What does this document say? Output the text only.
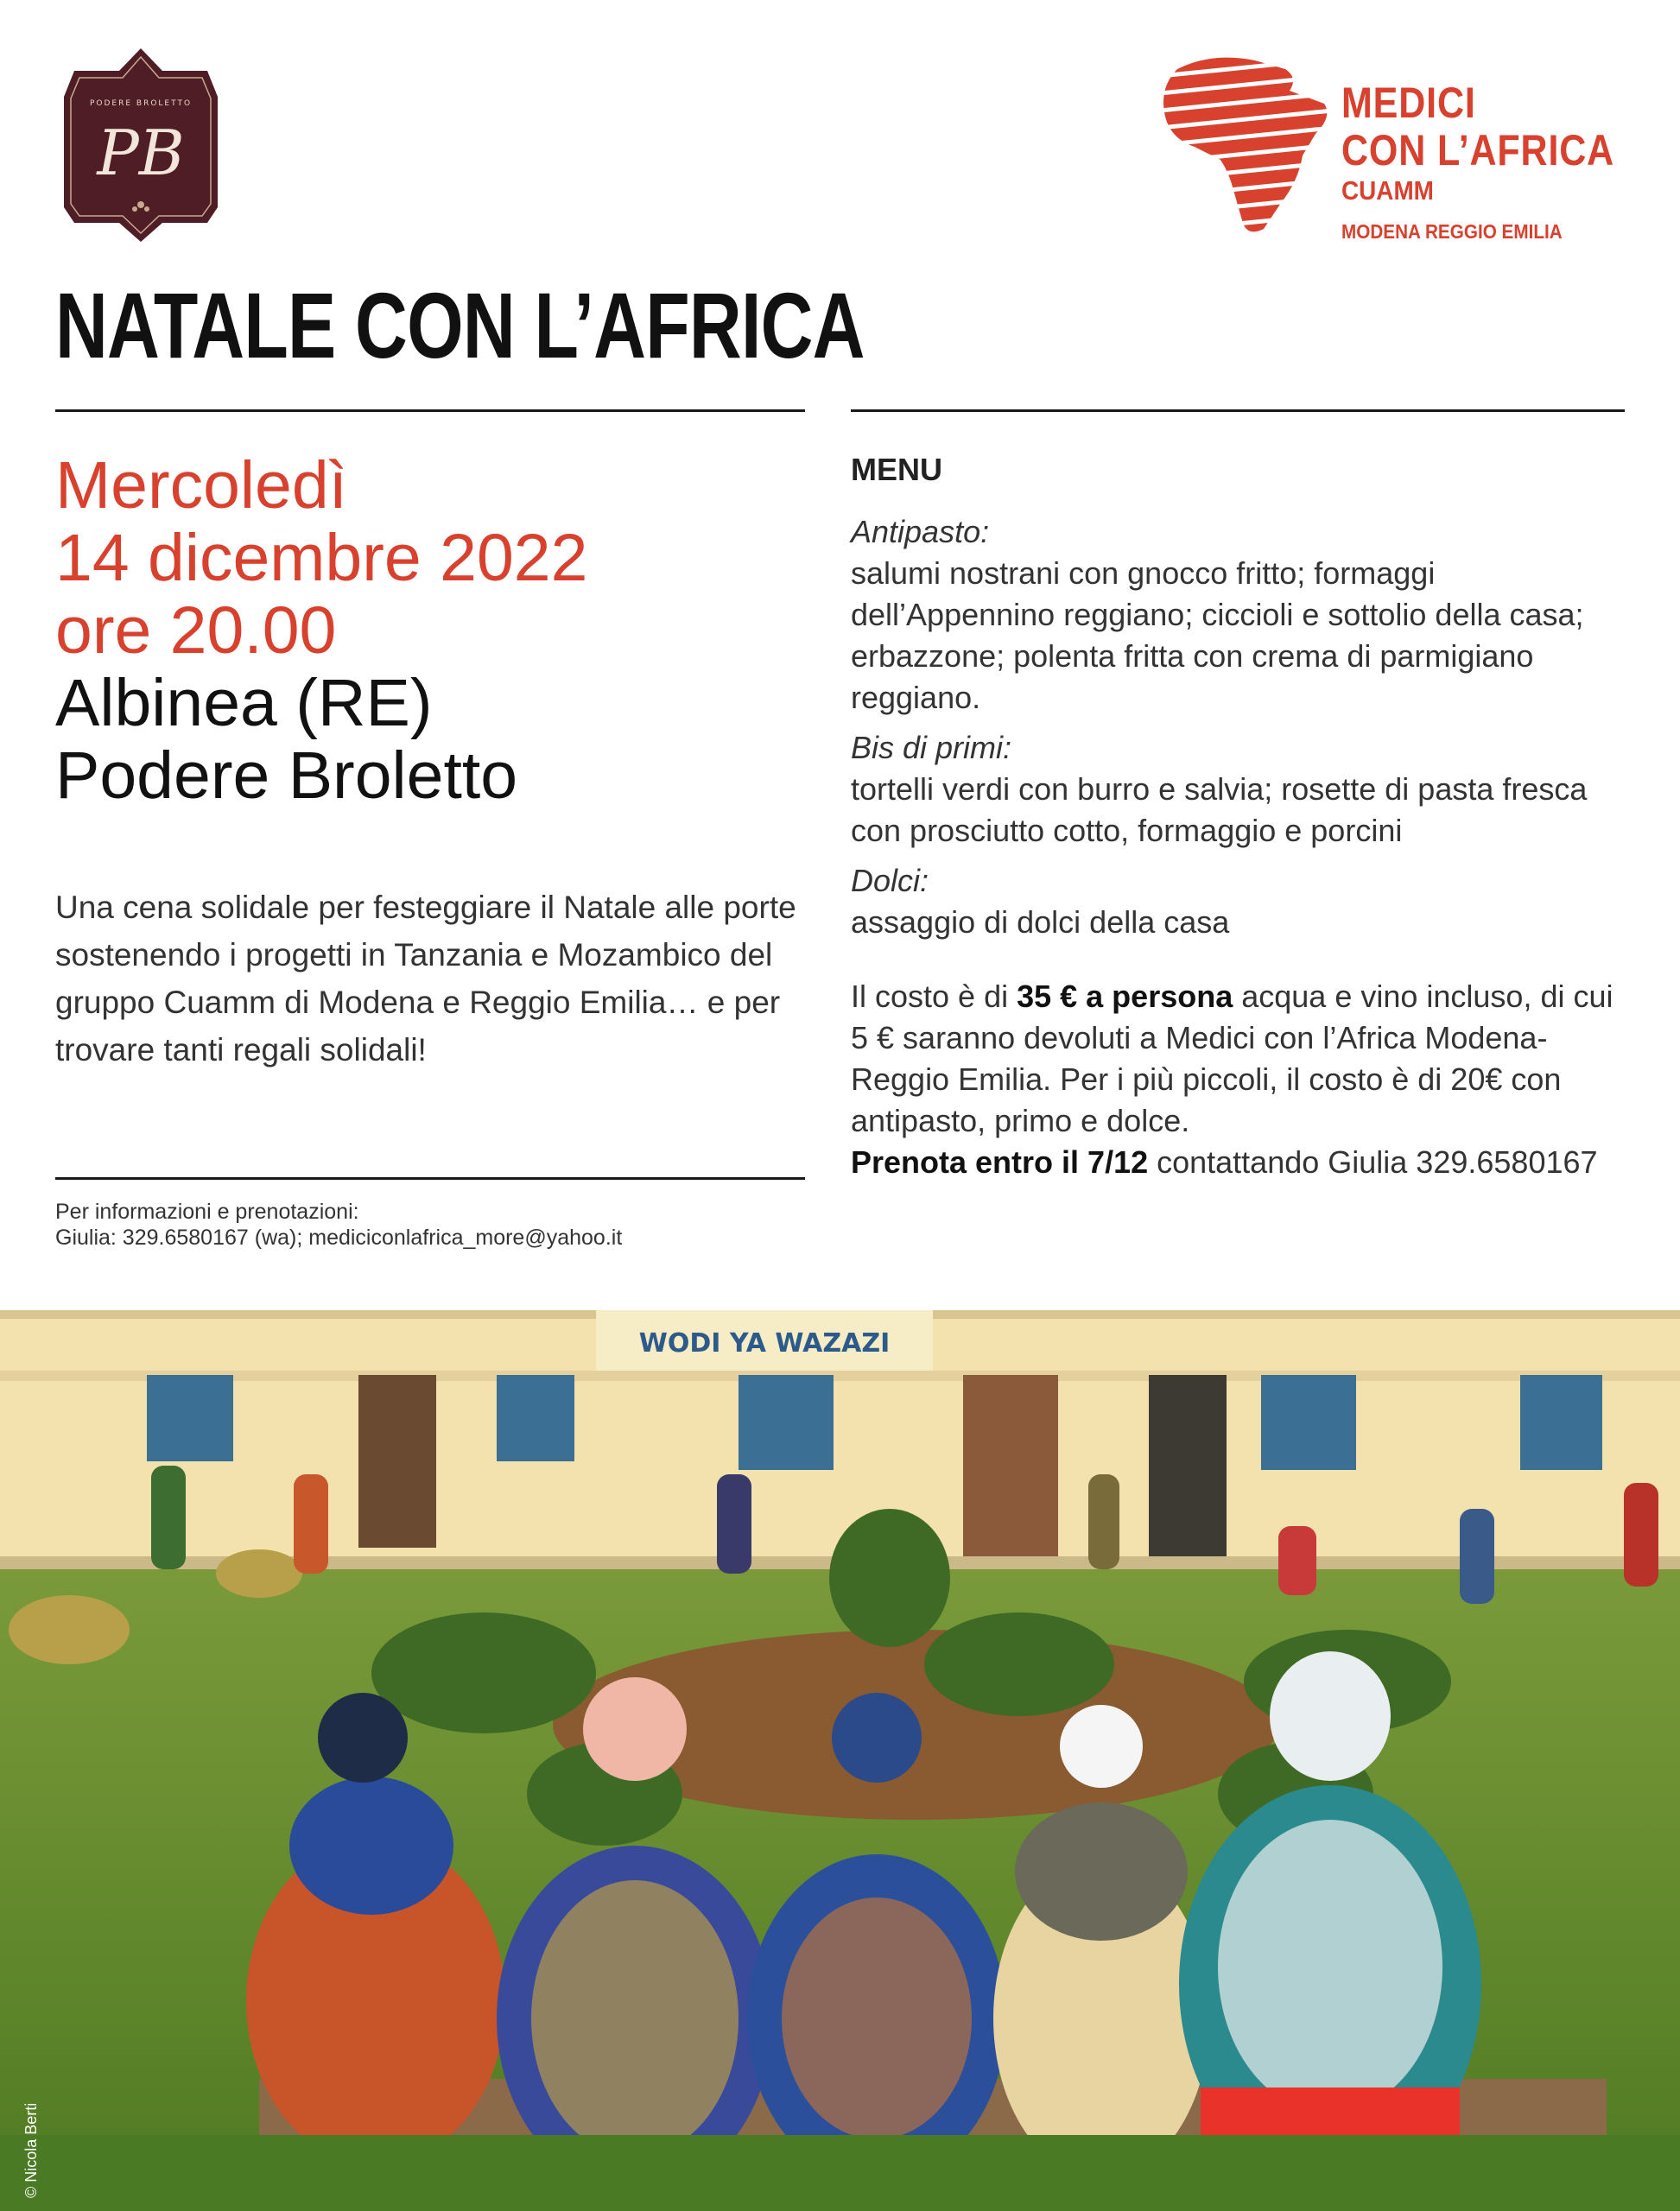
PODERE BROLETTO
PB
MEDICI
CON L’AFRICA
CUAMM
MODENA REGGIO EMILIA
NATALE CON L’AFRICA
Mercoledì
14 dicembre 2022
ore 20.00
Albinea (RE)
Podere Broletto
Una cena solidale per festeggiare il Natale alle porte sostenendo i progetti in Tanzania e Mozambico del gruppo Cuamm di Modena e Reggio Emilia… e per trovare tanti regali solidali!
Per informazioni e prenotazioni:
Giulia: 329.6580167 (wa); mediciconlafrica_more@yahoo.it
MENU
Antipasto:
salumi nostrani con gnocco fritto; formaggi dell’Appennino reggiano; ciccioli e sottolio della casa; erbazzone; polenta fritta con crema di parmigiano reggiano.
Bis di primi:
tortelli verdi con burro e salvia; rosette di pasta fresca con prosciutto cotto, formaggio e porcini
Dolci:
assaggio di dolci della casa
Il costo è di 35 € a persona acqua e vino incluso, di cui 5 € saranno devoluti a Medici con l’Africa Modena-Reggio Emilia. Per i più piccoli, il costo è di 20€ con antipasto, primo e dolce.
Prenota entro il 7/12 contattando Giulia 329.6580167
WODI YA WAZAZI
© Nicola Berti
